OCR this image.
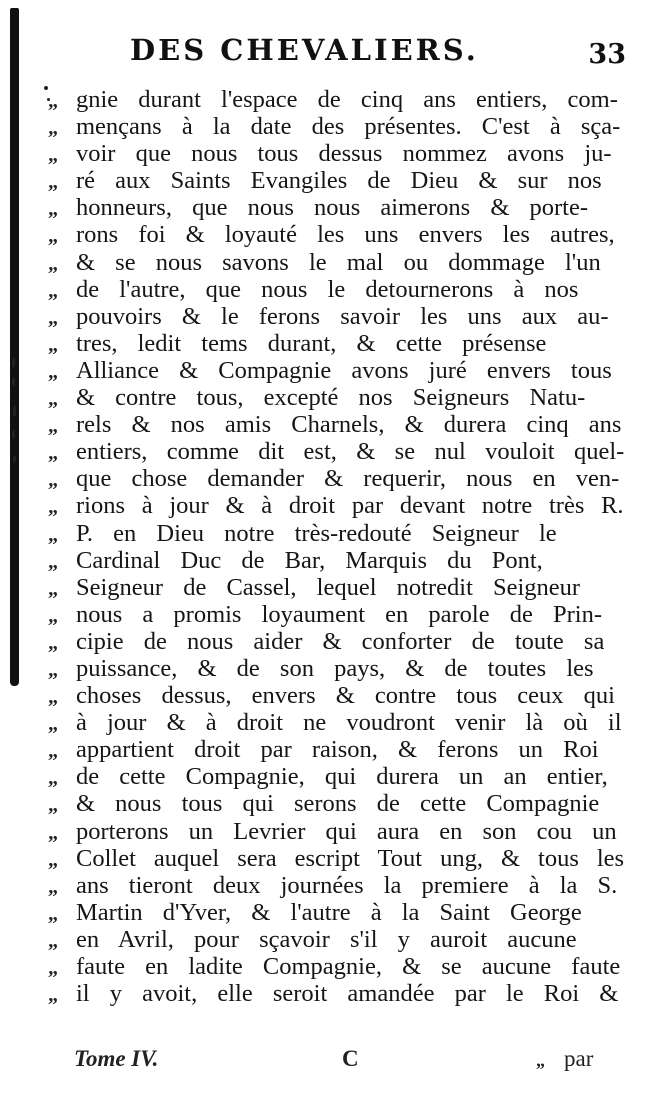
DES CHEVALIERS.	33
„ gnie durant l'espace de cinq ans entiers, com-
„ mençans à la date des présentes. C'est à sça-
„ voir que nous tous dessus nommez avons ju-
„ ré aux Saints Evangiles de Dieu & sur nos
„ honneurs, que nous nous aimerons & porte-
„ rons foi & loyauté les uns envers les autres,
„ & se nous savons le mal ou dommage l'un
„ de l'autre, que nous le detournerons à nos
„ pouvoirs & le ferons savoir les uns aux au-
„ tres, ledit tems durant, & cette présense
„ Alliance & Compagnie avons juré envers tous
„ & contre tous, excepté nos Seigneurs Natu-
„ rels & nos amis Charnels, & durera cinq ans
„ entiers, comme dit est, & se nul vouloit quel-
„ que chose demander & requerir, nous en ven-
„ rions à jour & à droit par devant notre très R.
„ P. en Dieu notre très-redouté Seigneur le
„ Cardinal Duc de Bar, Marquis du Pont,
„ Seigneur de Cassel, lequel notredit Seigneur
„ nous a promis loyaument en parole de Prin-
„ cipie de nous aider & conforter de toute sa
„ puissance, & de son pays, & de toutes les
„ choses dessus, envers & contre tous ceux qui
„ à jour & à droit ne voudront venir là où il
„ appartient droit par raison, & ferons un Roi
„ de cette Compagnie, qui durera un an entier,
„ & nous tous qui serons de cette Compagnie
„ porterons un Levrier qui aura en son cou un
„ Collet auquel sera escript Tout ung, & tous les
„ ans tieront deux journées la premiere à la S.
„ Martin d'Yver, & l'autre à la Saint George
„ en Avril, pour sçavoir s'il y auroit aucune
„ faute en ladite Compagnie, & se aucune faute
„ il y avoit, elle seroit amandée par le Roi &
Tome IV.	C	„ par
